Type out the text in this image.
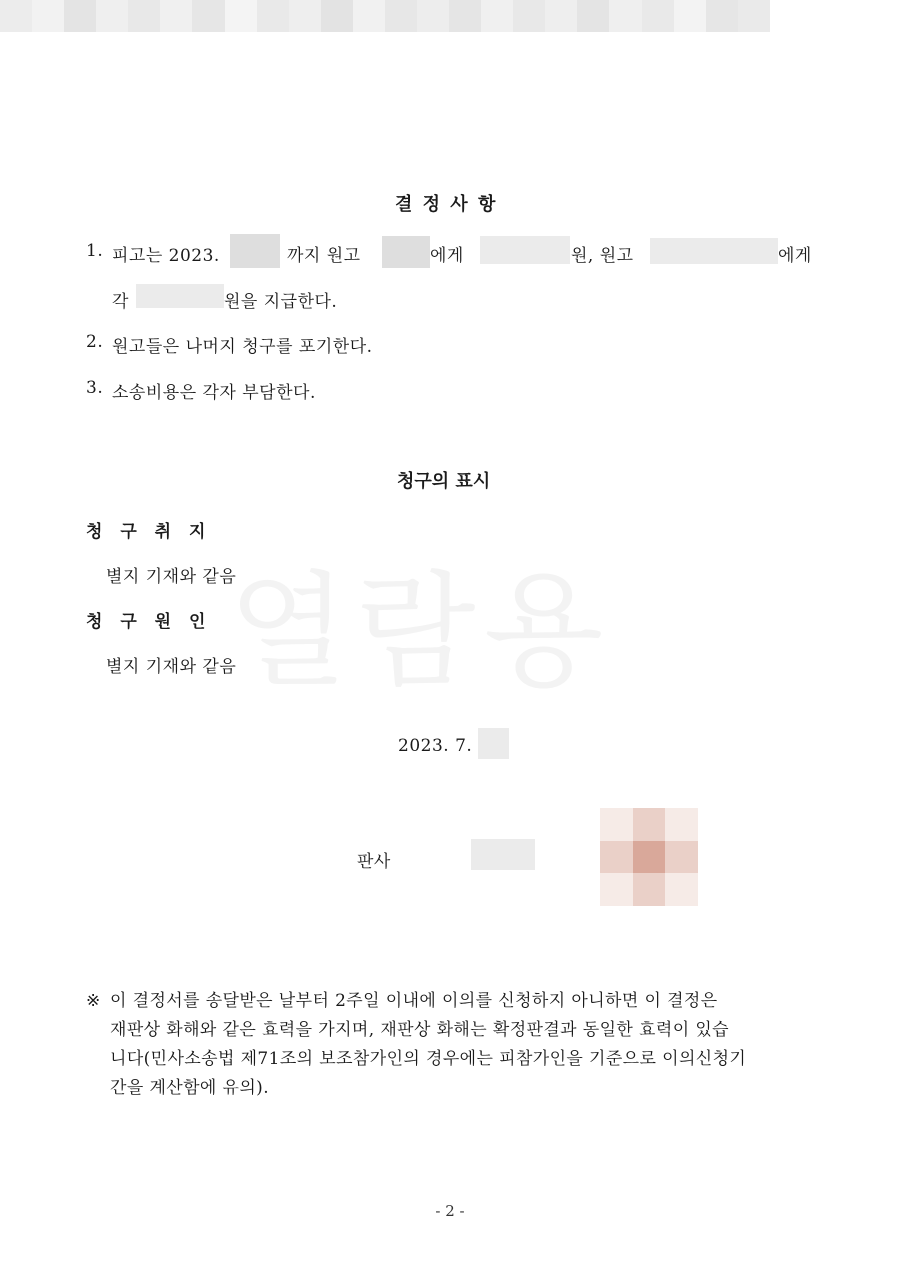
열람용
결 정 사 항
1. 피고는 2023.	까지 원고	에게	원, 원고	에게
각	원을 지급한다.
2. 원고들은 나머지 청구를 포기한다.
3. 소송비용은 각자 부담한다.
청구의 표시
청 구 취 지
별지 기재와 같음
청 구 원 인
별지 기재와 같음
2023. 7.
판사
※ 이 결정서를 송달받은 날부터 2주일 이내에 이의를 신청하지 아니하면 이 결정은
재판상 화해와 같은 효력을 가지며, 재판상 화해는 확정판결과 동일한 효력이 있습
니다(민사소송법 제71조의 보조참가인의 경우에는 피참가인을 기준으로 이의신청기
간을 계산함에 유의).
- 2 -
